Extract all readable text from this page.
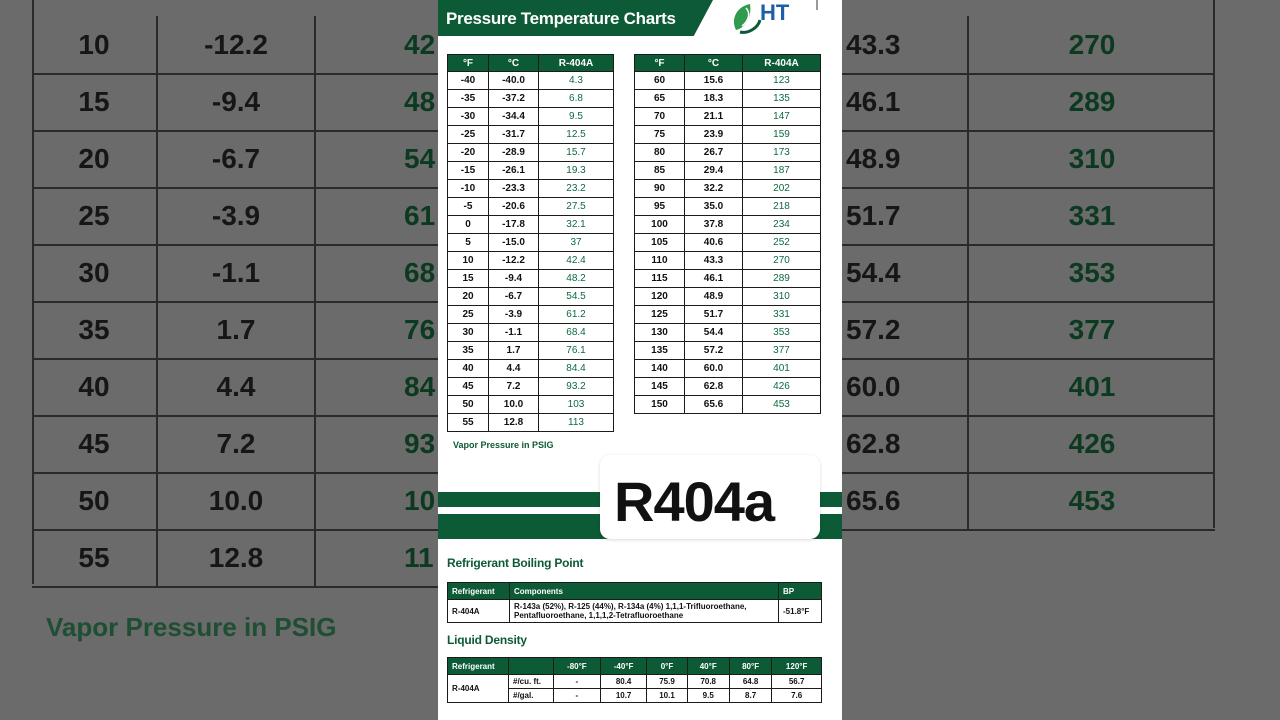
10	-12.2	42
15	-9.4	48
20	-6.7	54
25	-3.9	61
30	-1.1	68
35	1.7	76
40	4.4	84
45	7.2	93
50	10.0	10
55	12.8	11
43.3	270
46.1	289
48.9	310
51.7	331
54.4	353
57.2	377
60.0	401
62.8	426
65.6	453
Vapor Pressure in PSIG
Pressure Temperature Charts	HT
°F	°C	R-404A
-40	-40.0	4.3
-35	-37.2	6.8
-30	-34.4	9.5
-25	-31.7	12.5
-20	-28.9	15.7
-15	-26.1	19.3
-10	-23.3	23.2
-5	-20.6	27.5
0	-17.8	32.1
5	-15.0	37
10	-12.2	42.4
15	-9.4	48.2
20	-6.7	54.5
25	-3.9	61.2
30	-1.1	68.4
35	1.7	76.1
40	4.4	84.4
45	7.2	93.2
50	10.0	103
55	12.8	113
°F	°C	R-404A
60	15.6	123
65	18.3	135
70	21.1	147
75	23.9	159
80	26.7	173
85	29.4	187
90	32.2	202
95	35.0	218
100	37.8	234
105	40.6	252
110	43.3	270
115	46.1	289
120	48.9	310
125	51.7	331
130	54.4	353
135	57.2	377
140	60.0	401
145	62.8	426
150	65.6	453
Vapor Pressure in PSIG
R404a
Refrigerant Boiling Point
Refrigerant	Components	BP
R-404A	R-143a (52%), R-125 (44%), R-134a (4%) 1,1,1-Trifluoroethane, Pentafluoroethane, 1,1,1,2-Tetrafluoroethane	-51.8°F
Liquid Density
Refrigerant		-80°F	-40°F	0°F	40°F	80°F	120°F
R-404A	#/cu. ft.	-	80.4	75.9	70.8	64.8	56.7
	#/gal.	-	10.7	10.1	9.5	8.7	7.6
